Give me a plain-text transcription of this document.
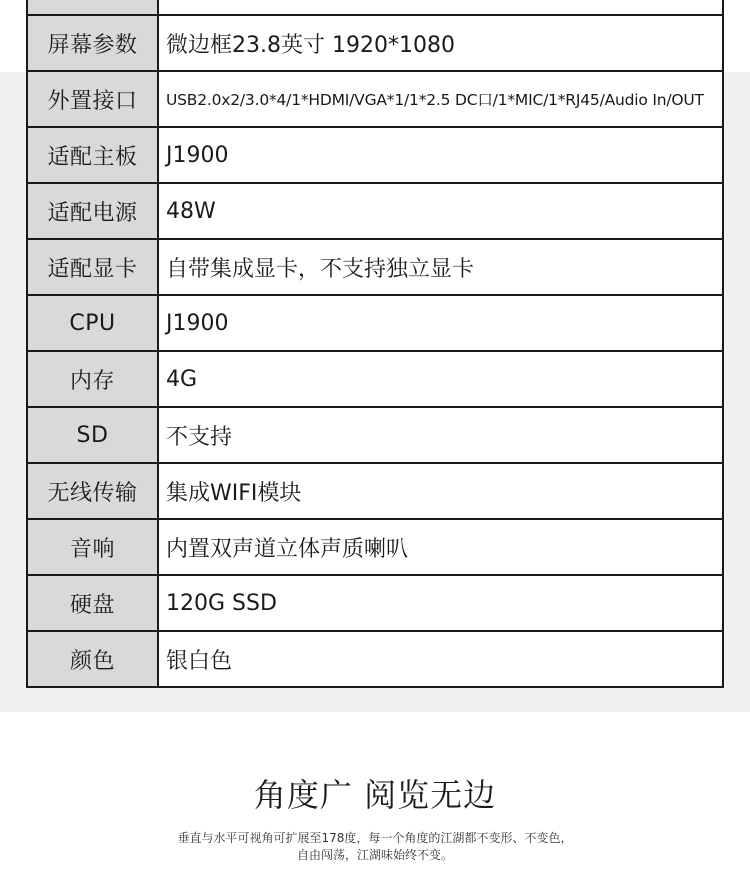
屏幕参数	微边框23.8英寸 1920*1080
外置接口	USB2.0x2/3.0*4/1*HDMI/VGA*1/1*2.5 DC口/1*MIC/1*RJ45/Audio In/OUT
适配主板	J1900
适配电源	48W
适配显卡	自带集成显卡，不支持独立显卡
CPU	J1900
内存	4G
SD	不支持
无线传输	集成WIFI模块
音响	内置双声道立体声质喇叭
硬盘	120G SSD
颜色	银白色
角度广 阅览无边
垂直与水平可视角可扩展至178度，每一个角度的江湖都不变形、不变色，
自由闯荡，江湖味始终不变。
